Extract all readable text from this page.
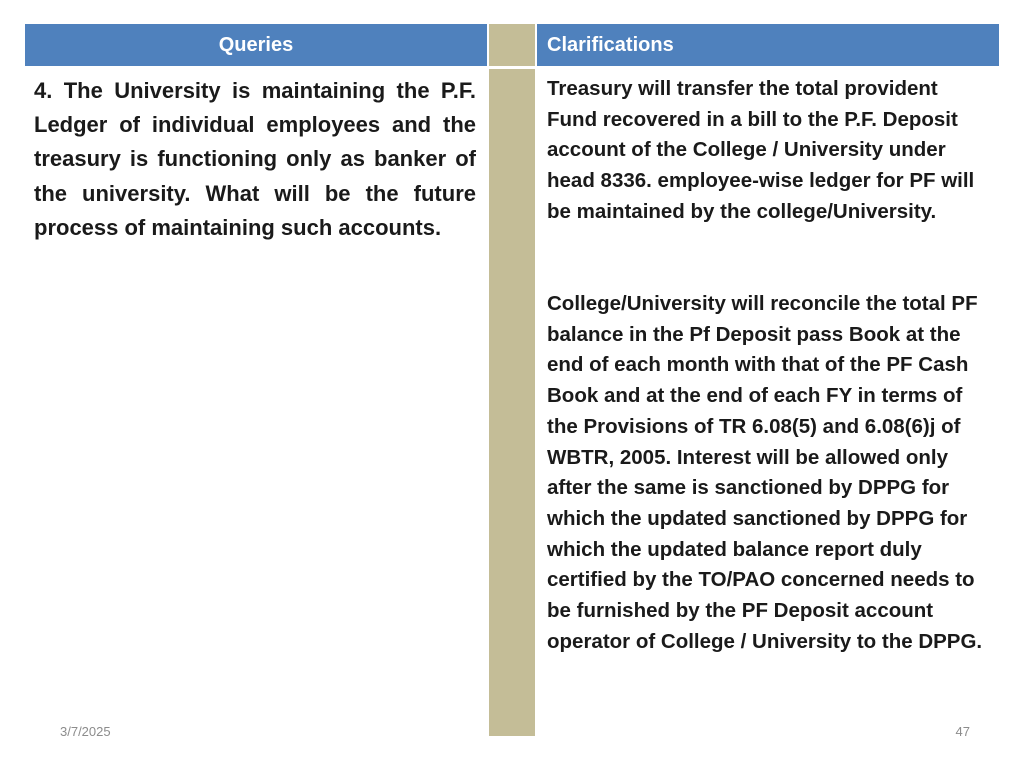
Queries	Clarifications

4. The University is maintaining the P.F. Ledger of individual employees and the treasury is functioning only as banker of the university. What will be the future process of maintaining such accounts.

Treasury will transfer the total provident Fund recovered in a bill to the P.F. Deposit account of the College / University under head 8336. employee-wise ledger for PF will be maintained by the college/University.

College/University will reconcile the total PF balance in the Pf Deposit pass Book at the end of each month with that of the PF Cash Book and at the end of each FY in terms of the Provisions of TR 6.08(5) and 6.08(6)j of WBTR, 2005. Interest will be allowed only after the same is sanctioned by DPPG for which the updated sanctioned by DPPG for which the updated balance report duly certified by the TO/PAO concerned needs to be furnished by the PF Deposit account operator of College / University to the DPPG.

3/7/2025	47
